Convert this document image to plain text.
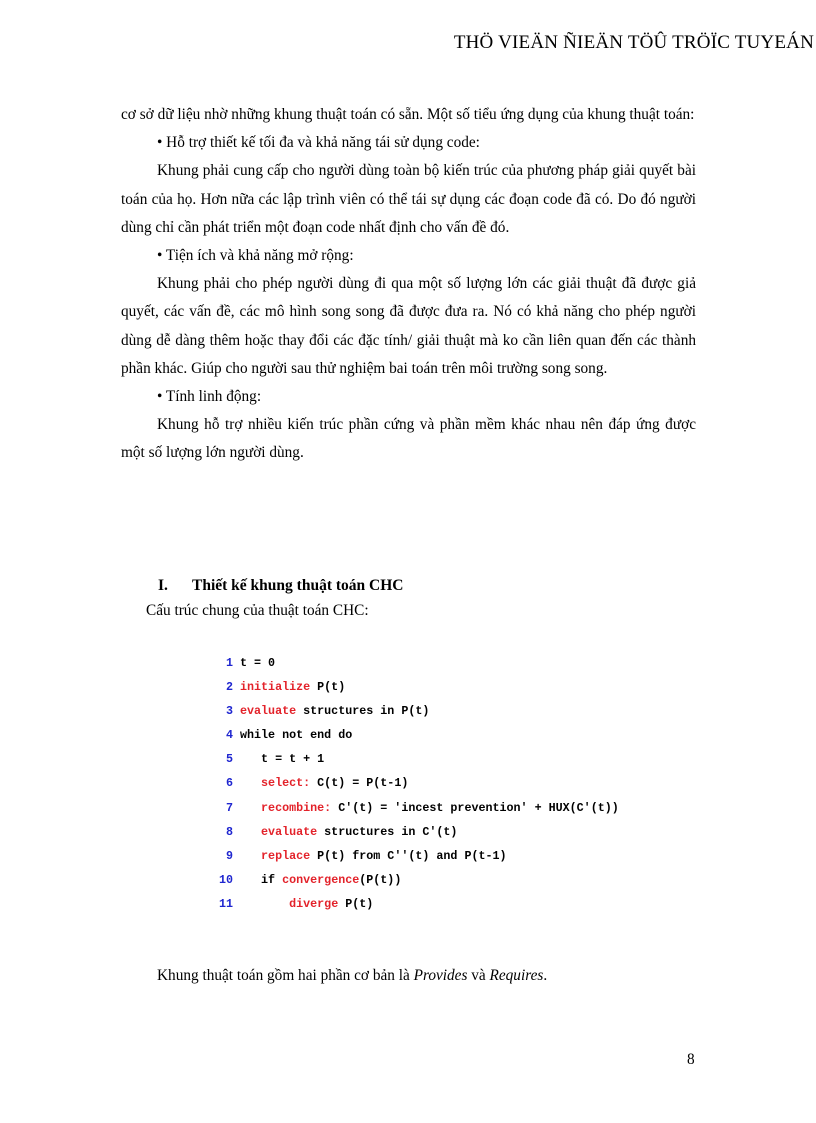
THÖ VIEÄN ÑIEÄN TÖÛ TRÖÏC TUYEÁN

cơ sở dữ liệu nhờ những khung thuật toán có sẵn. Một số tiểu ứng dụng của khung thuật toán:

• Hỗ trợ thiết kế tối đa và khả năng tái sử dụng code:

Khung phải cung cấp cho người dùng toàn bộ kiến trúc của phương pháp giải quyết bài toán của họ. Hơn nữa các lập trình viên có thể tái sự dụng các đoạn code đã có. Do đó người dùng chỉ cần phát triển một đoạn code nhất định cho vấn đề đó.

• Tiện ích và khả năng mở rộng:

Khung phải cho phép người dùng đi qua một số lượng lớn các giải thuật đã được giả quyết, các vấn đề, các mô hình song song đã được đưa ra. Nó có khả năng cho phép người dùng dễ dàng thêm hoặc thay đổi các đặc tính/ giải thuật mà ko cần liên quan đến các thành phần khác. Giúp cho người sau thử nghiệm bai toán trên môi trường song song.

• Tính linh động:

Khung hỗ trợ nhiều kiến trúc phần cứng và phần mềm khác nhau nên đáp ứng được một số lượng lớn người dùng.

I. Thiết kế khung thuật toán CHC
Cấu trúc chung của thuật toán CHC:
1 t = 0
2 initialize P(t)
3 evaluate structures in P(t)
4 while not end do
5 t = t + 1
6 select: C(t) = P(t-1)
7 recombine: C'(t) = 'incest prevention' + HUX(C'(t))
8 evaluate structures in C'(t)
9 replace P(t) from C''(t) and P(t-1)
10 if convergence(P(t))
11	diverge P(t)
Khung thuật toán gồm hai phần cơ bản là Provides và Requires.
8
